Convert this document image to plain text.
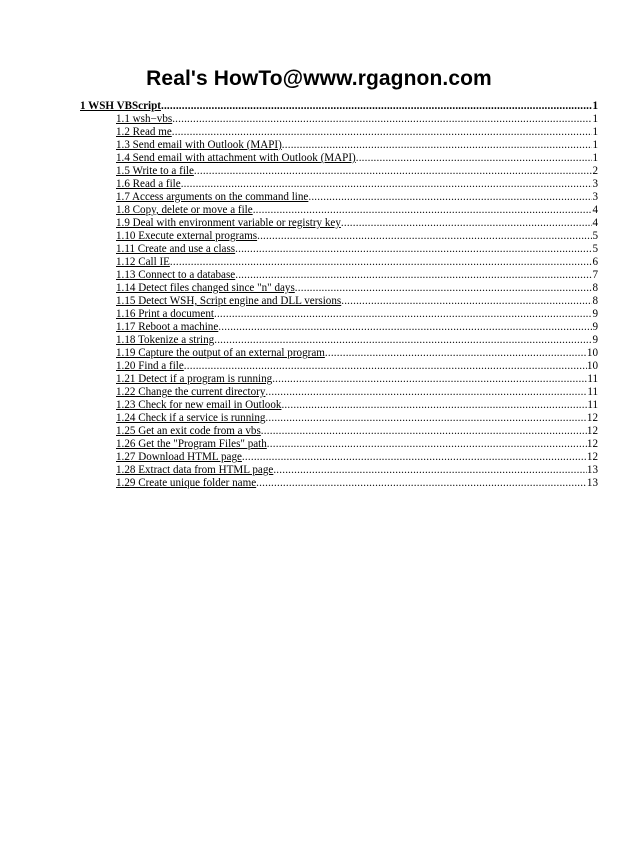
Real's HowTo@www.rgagnon.com
1 WSH VBScript .....	1
1.1 wsh−vbs .....	1
1.2 Read me .....	1
1.3 Send email with Outlook (MAPI) .....	1
1.4 Send email with attachment with Outlook (MAPI) .....	1
1.5 Write to a file .....	2
1.6 Read a file .....	3
1.7 Access arguments on the command line .....	3
1.8 Copy, delete or move a file .....	4
1.9 Deal with environment variable or registry key .....	4
1.10 Execute external programs .....	5
1.11 Create and use a class .....	5
1.12 Call IE .....	6
1.13 Connect to a database .....	7
1.14 Detect files changed since "n" days .....	8
1.15 Detect WSH, Script engine and DLL versions .....	8
1.16 Print a document .....	9
1.17 Reboot a machine .....	9
1.18 Tokenize a string .....	9
1.19 Capture the output of an external program .....	10
1.20 Find a file .....	10
1.21 Detect if a program is running .....	11
1.22 Change the current directory .....	11
1.23 Check for new email in Outlook .....	11
1.24 Check if a service is running .....	12
1.25 Get an exit code from a vbs .....	12
1.26 Get the "Program Files" path .....	12
1.27 Download HTML page .....	12
1.28 Extract data from HTML page .....	13
1.29 Create unique folder name .....	13
